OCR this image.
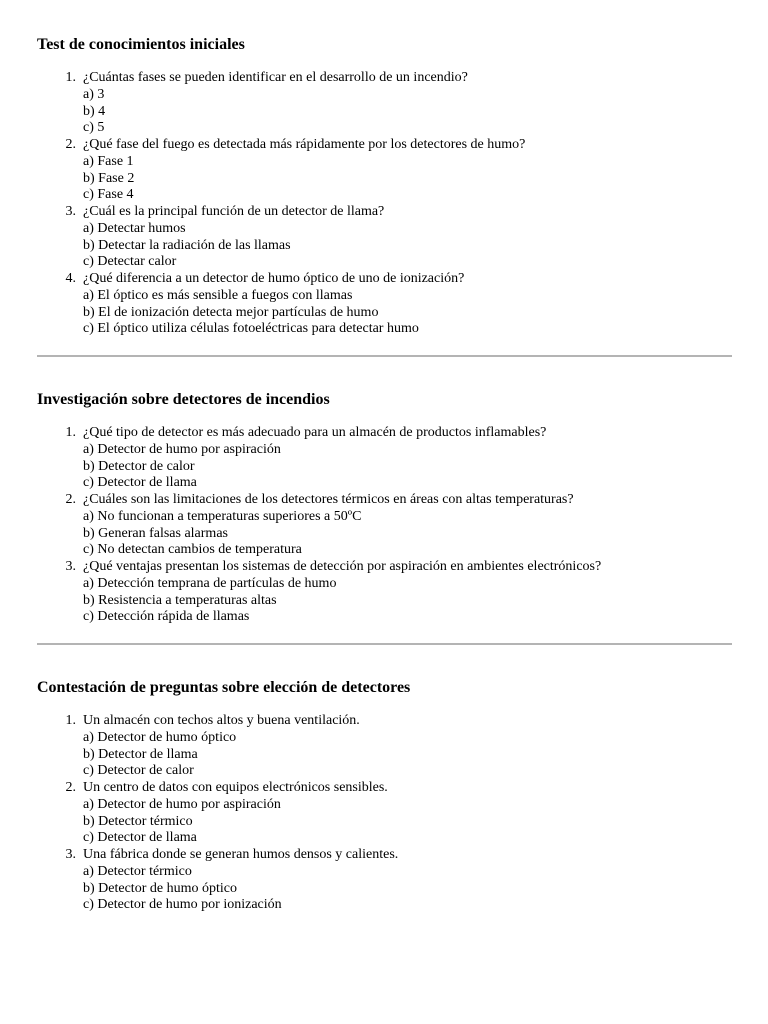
Test de conocimientos iniciales
1. ¿Cuántas fases se pueden identificar en el desarrollo de un incendio?
a) 3
b) 4
c) 5
2. ¿Qué fase del fuego es detectada más rápidamente por los detectores de humo?
a) Fase 1
b) Fase 2
c) Fase 4
3. ¿Cuál es la principal función de un detector de llama?
a) Detectar humos
b) Detectar la radiación de las llamas
c) Detectar calor
4. ¿Qué diferencia a un detector de humo óptico de uno de ionización?
a) El óptico es más sensible a fuegos con llamas
b) El de ionización detecta mejor partículas de humo
c) El óptico utiliza células fotoeléctricas para detectar humo
Investigación sobre detectores de incendios
1. ¿Qué tipo de detector es más adecuado para un almacén de productos inflamables?
a) Detector de humo por aspiración
b) Detector de calor
c) Detector de llama
2. ¿Cuáles son las limitaciones de los detectores térmicos en áreas con altas temperaturas?
a) No funcionan a temperaturas superiores a 50ºC
b) Generan falsas alarmas
c) No detectan cambios de temperatura
3. ¿Qué ventajas presentan los sistemas de detección por aspiración en ambientes electrónicos?
a) Detección temprana de partículas de humo
b) Resistencia a temperaturas altas
c) Detección rápida de llamas
Contestación de preguntas sobre elección de detectores
1. Un almacén con techos altos y buena ventilación.
a) Detector de humo óptico
b) Detector de llama
c) Detector de calor
2. Un centro de datos con equipos electrónicos sensibles.
a) Detector de humo por aspiración
b) Detector térmico
c) Detector de llama
3. Una fábrica donde se generan humos densos y calientes.
a) Detector térmico
b) Detector de humo óptico
c) Detector de humo por ionización
